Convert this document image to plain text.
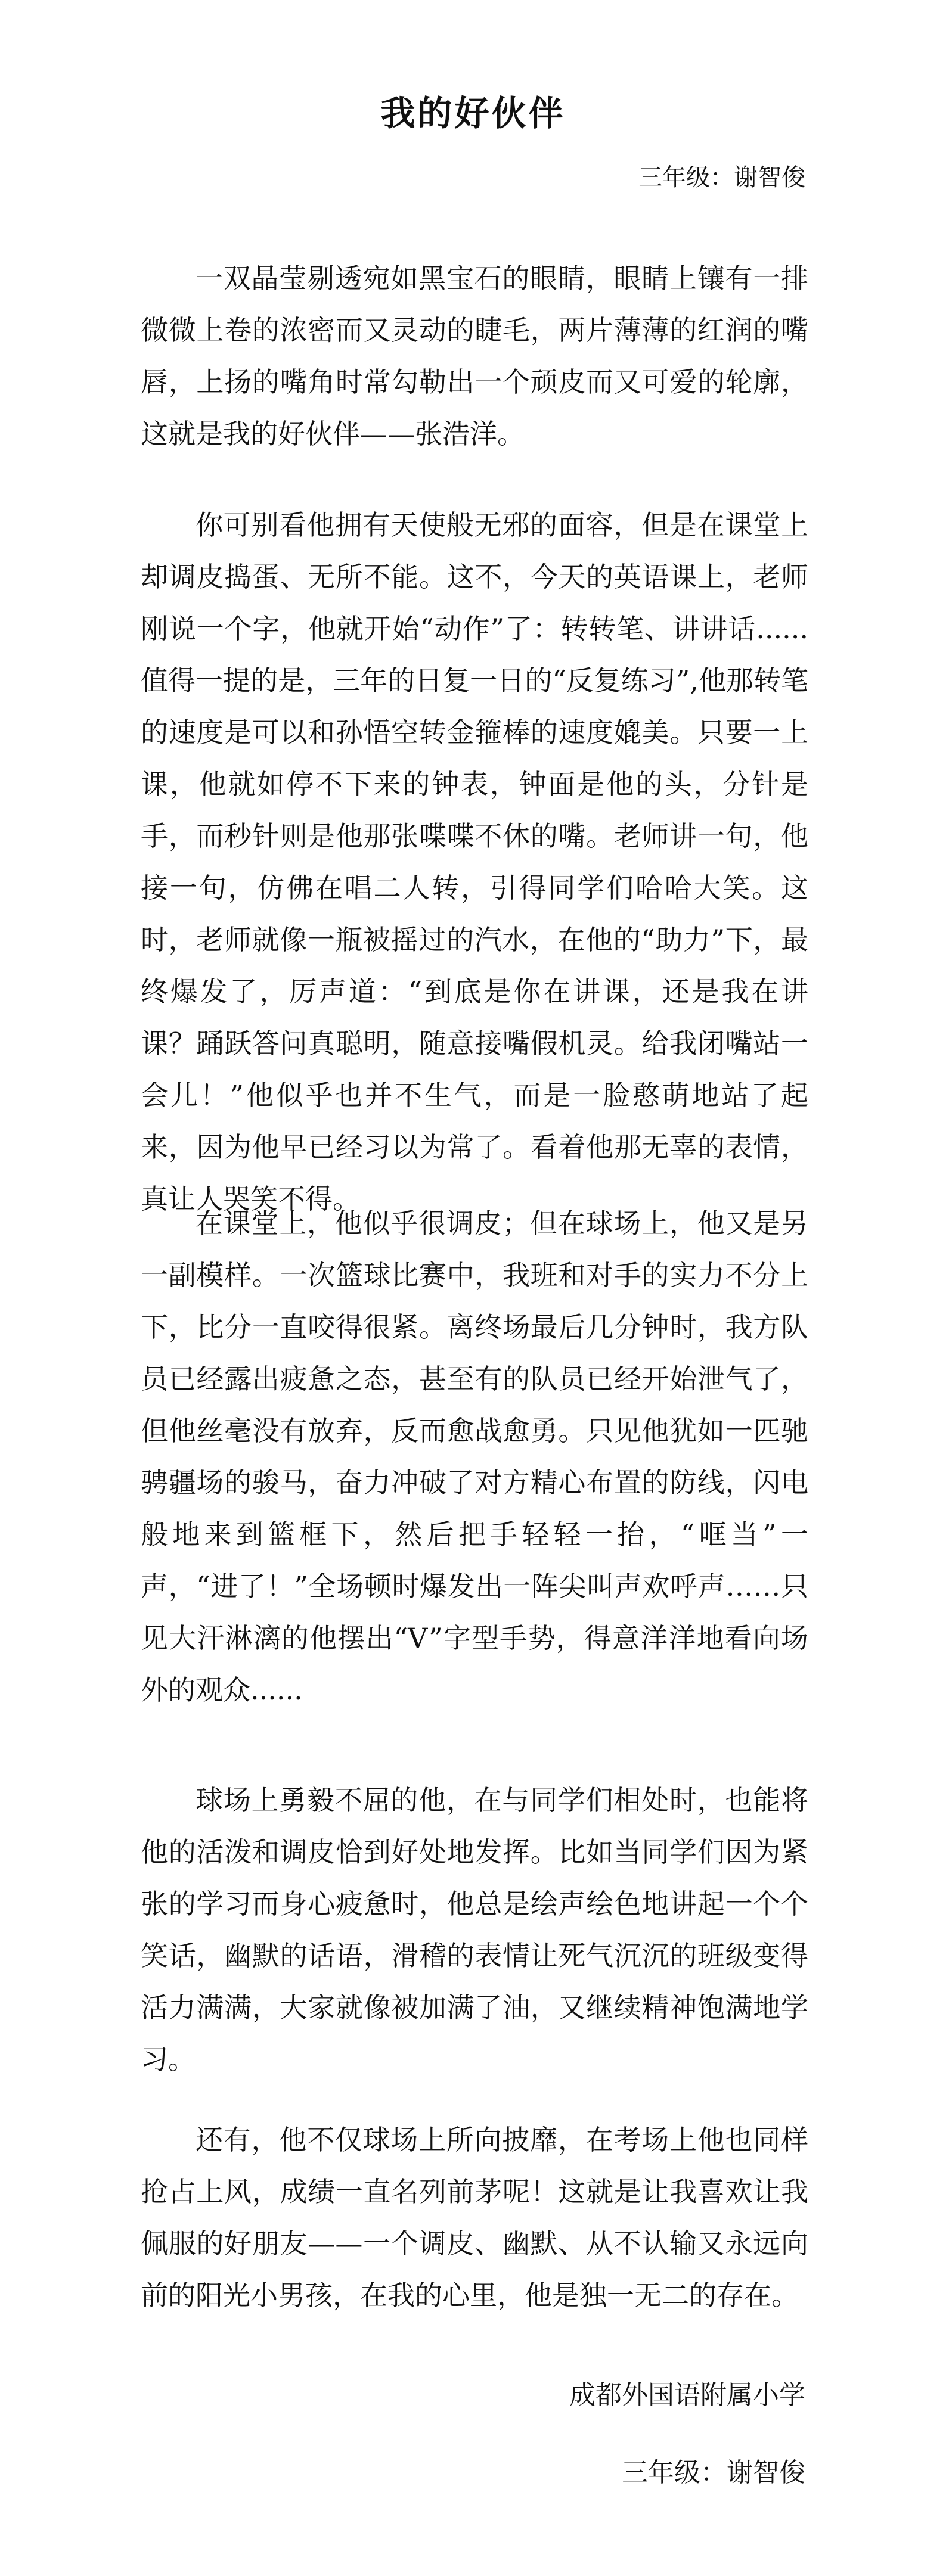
我的好伙伴
三年级：谢智俊

一双晶莹剔透宛如黑宝石的眼睛，眼睛上镶有一排微微上卷的浓密而又灵动的睫毛，两片薄薄的红润的嘴唇，上扬的嘴角时常勾勒出一个顽皮而又可爱的轮廓，这就是我的好伙伴——张浩洋。

你可别看他拥有天使般无邪的面容，但是在课堂上却调皮捣蛋、无所不能。这不，今天的英语课上，老师刚说一个字，他就开始“动作”了：转转笔、讲讲话......值得一提的是，三年的日复一日的“反复练习”,他那转笔的速度是可以和孙悟空转金箍棒的速度媲美。只要一上课，他就如停不下来的钟表，钟面是他的头，分针是手，而秒针则是他那张喋喋不休的嘴。老师讲一句，他接一句，仿佛在唱二人转，引得同学们哈哈大笑。这时，老师就像一瓶被摇过的汽水，在他的“助力”下，最终爆发了，厉声道：“到底是你在讲课，还是我在讲课？踊跃答问真聪明，随意接嘴假机灵。给我闭嘴站一会儿！”他似乎也并不生气，而是一脸憨萌地站了起来，因为他早已经习以为常了。看着他那无辜的表情，真让人哭笑不得。

在课堂上，他似乎很调皮；但在球场上，他又是另一副模样。一次篮球比赛中，我班和对手的实力不分上下，比分一直咬得很紧。离终场最后几分钟时，我方队员已经露出疲惫之态，甚至有的队员已经开始泄气了，但他丝毫没有放弃，反而愈战愈勇。只见他犹如一匹驰骋疆场的骏马，奋力冲破了对方精心布置的防线，闪电般地来到篮框下，然后把手轻轻一抬，“哐当”一声，“进了！”全场顿时爆发出一阵尖叫声欢呼声……只见大汗淋漓的他摆出“V”字型手势，得意洋洋地看向场外的观众......

球场上勇毅不屈的他，在与同学们相处时，也能将他的活泼和调皮恰到好处地发挥。比如当同学们因为紧张的学习而身心疲惫时，他总是绘声绘色地讲起一个个笑话，幽默的话语，滑稽的表情让死气沉沉的班级变得活力满满，大家就像被加满了油，又继续精神饱满地学习。

还有，他不仅球场上所向披靡，在考场上他也同样抢占上风，成绩一直名列前茅呢！这就是让我喜欢让我佩服的好朋友——一个调皮、幽默、从不认输又永远向前的阳光小男孩，在我的心里，他是独一无二的存在。

成都外国语附属小学
三年级：谢智俊
